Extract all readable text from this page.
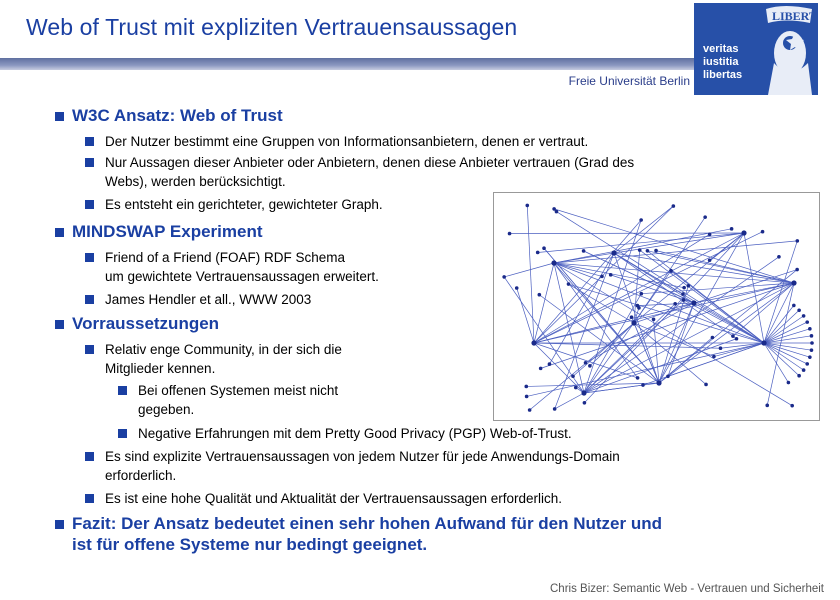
Web of Trust mit expliziten Vertrauensaussagen
Freie Universität Berlin
LIBERT
veritas
iustitia
libertas

W3C Ansatz: Web of Trust

Der Nutzer bestimmt eine Gruppen von Informationsanbietern, denen er vertraut.

Nur Aussagen dieser Anbieter oder Anbietern, denen diese Anbieter vertrauen (Grad des

Webs), werden berücksichtigt.

Es entsteht ein gerichteter, gewichteter Graph.

MINDSWAP Experiment

Friend of a Friend (FOAF) RDF Schema

um gewichtete Vertrauensaussagen erweitert.

James Hendler et all., WWW 2003

Vorraussetzungen

Relativ enge Community, in der sich die

Mitglieder kennen.

Bei offenen Systemen meist nicht

gegeben.

Negative Erfahrungen mit dem Pretty Good Privacy (PGP) Web-of-Trust.

Es sind explizite Vertrauensaussagen von jedem Nutzer für jede Anwendungs-Domain

erforderlich.

Es ist eine hohe Qualität und Aktualität der Vertrauensaussagen erforderlich.

Fazit: Der Ansatz bedeutet einen sehr hohen Aufwand für den Nutzer und

ist für offene Systeme nur bedingt geeignet.

Chris Bizer: Semantic Web - Vertrauen und Sicherheit
